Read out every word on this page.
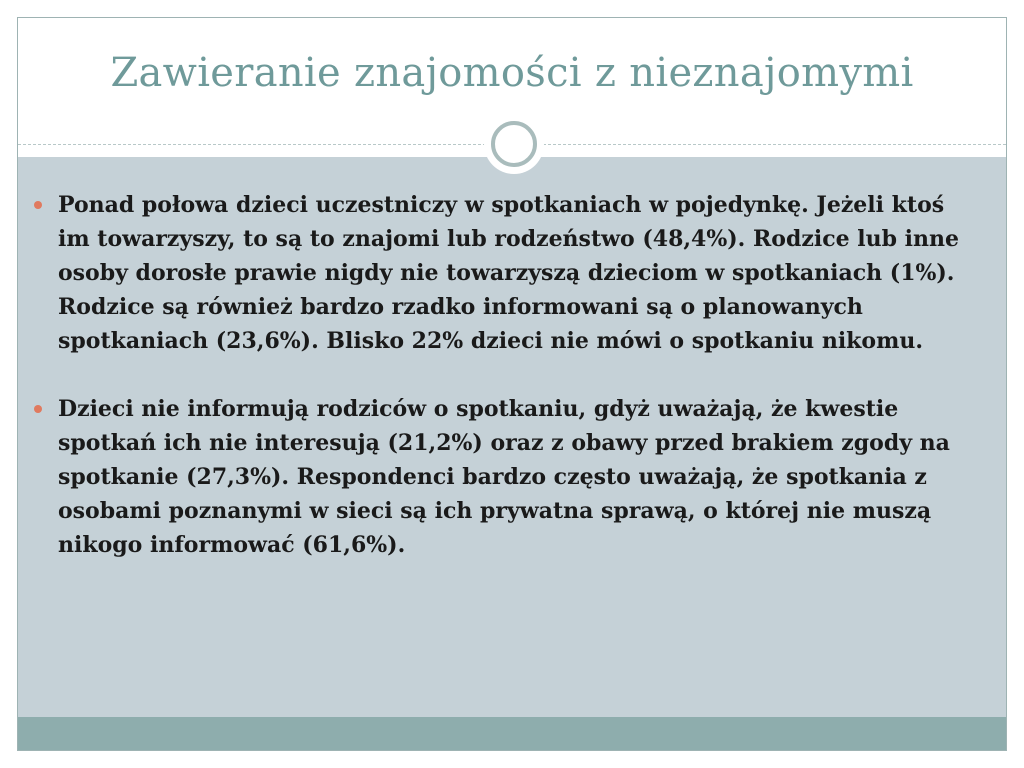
Zawieranie znajomości z nieznajomymi
Ponad połowa dzieci uczestniczy w spotkaniach w pojedynkę. Jeżeli ktoś im towarzyszy, to są to znajomi lub rodzeństwo (48,4%). Rodzice lub inne osoby dorosłe prawie nigdy nie towarzyszą dzieciom w spotkaniach (1%). Rodzice są również bardzo rzadko informowani są o planowanych spotkaniach (23,6%). Blisko 22% dzieci nie mówi o spotkaniu nikomu.
Dzieci nie informują rodziców o spotkaniu, gdyż uważają, że kwestie spotkań ich nie interesują (21,2%) oraz z obawy przed brakiem zgody na spotkanie (27,3%). Respondenci bardzo często uważają, że spotkania z osobami poznanymi w sieci są ich prywatna sprawą, o której nie muszą nikogo informować (61,6%).
